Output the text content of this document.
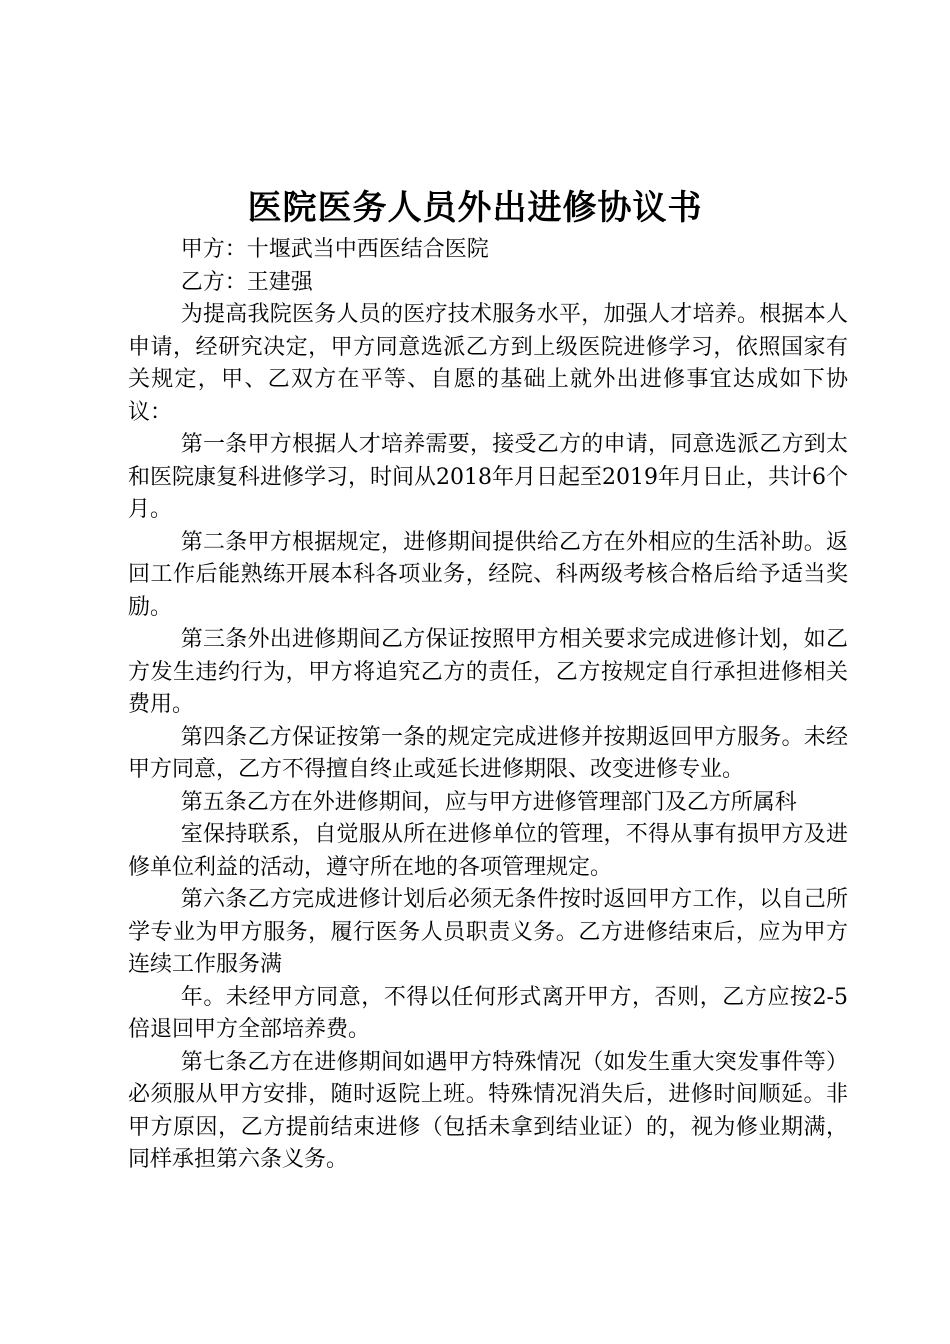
医院医务人员外出进修协议书

甲方：十堰武当中西医结合医院

乙方：王建强

为提高我院医务人员的医疗技术服务水平，加强人才培养。根据本人申请，经研究决定，甲方同意选派乙方到上级医院进修学习，依照国家有关规定，甲、乙双方在平等、自愿的基础上就外出进修事宜达成如下协议：

第一条甲方根据人才培养需要，接受乙方的申请，同意选派乙方到太和医院康复科进修学习，时间从2018年月日起至2019年月日止，共计6个月。

第二条甲方根据规定，进修期间提供给乙方在外相应的生活补助。返回工作后能熟练开展本科各项业务，经院、科两级考核合格后给予适当奖励。

第三条外出进修期间乙方保证按照甲方相关要求完成进修计划，如乙方发生违约行为，甲方将追究乙方的责任，乙方按规定自行承担进修相关费用。

第四条乙方保证按第一条的规定完成进修并按期返回甲方服务。未经甲方同意，乙方不得擅自终止或延长进修期限、改变进修专业。

第五条乙方在外进修期间，应与甲方进修管理部门及乙方所属科

室保持联系，自觉服从所在进修单位的管理，不得从事有损甲方及进修单位利益的活动，遵守所在地的各项管理规定。

第六条乙方完成进修计划后必须无条件按时返回甲方工作，以自己所学专业为甲方服务，履行医务人员职责义务。乙方进修结束后，应为甲方连续工作服务满

年。未经甲方同意，不得以任何形式离开甲方，否则，乙方应按2-5倍退回甲方全部培养费。

第七条乙方在进修期间如遇甲方特殊情况（如发生重大突发事件等）必须服从甲方安排，随时返院上班。特殊情况消失后，进修时间顺延。非甲方原因，乙方提前结束进修（包括未拿到结业证）的，视为修业期满，同样承担第六条义务。
